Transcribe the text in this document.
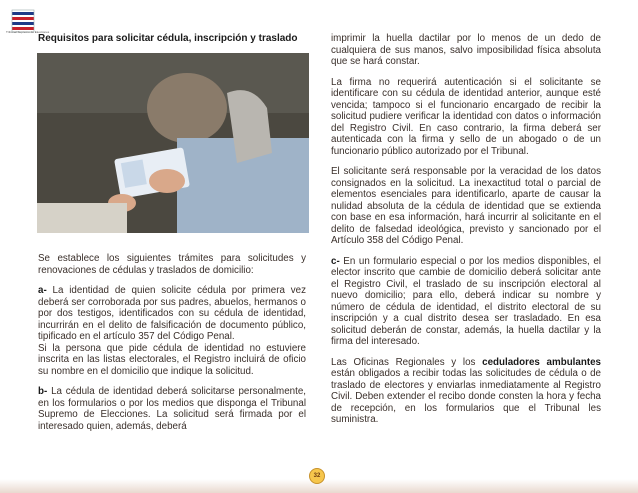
Tribunal Supremo de Elecciones
Requisitos para solicitar cédula, inscripción y traslado

Se establece los siguientes trámites para solicitudes y renovaciones de cédulas y traslados de domicilio:

a- La identidad de quien solicite cédula por primera vez deberá ser corroborada por sus padres, abuelos, hermanos o por dos testigos, identificados con su cédula de identidad, incurrirán en el delito de falsificación de documento público, tipificado en el artículo 357 del Código Penal.

Si la persona que pide cédula de identidad no estuviere inscrita en las listas electorales, el Registro incluirá de oficio su nombre en el domicilio que indique la solicitud.

b- La cédula de identidad deberá solicitarse personalmente, en los formularios o por los medios que disponga el Tribunal Supremo de Elecciones. La solicitud será firmada por el interesado quien, además, deberá

imprimir la huella dactilar por lo menos de un dedo de cualquiera de sus manos, salvo imposibilidad física absoluta que se hará constar.

La firma no requerirá autenticación si el solicitante se identificare con su cédula de identidad anterior, aunque esté vencida; tampoco si el funcionario encargado de recibir la solicitud pudiere verificar la identidad con datos o información del Registro Civil. En caso contrario, la firma deberá ser autenticada con la firma y sello de un abogado o de un funcionario público autorizado por el Tribunal.

El solicitante será responsable por la veracidad de los datos consignados en la solicitud. La inexactitud total o parcial de elementos esenciales para identificarlo, aparte de causar la nulidad absoluta de la cédula de identidad que se extienda con base en esa información, hará incurrir al solicitante en el delito de falsedad ideológica, previsto y sancionado por el Artículo 358 del Código Penal.

c- En un formulario especial o por los medios disponibles, el elector inscrito que cambie de domicilio deberá solicitar ante el Registro Civil, el traslado de su inscripción electoral al nuevo domicilio; para ello, deberá indicar su nombre y número de cédula de identidad, el distrito electoral de su inscripción y a cual distrito desea ser trasladado. En esa solicitud deberán de constar, además, la huella dactilar y la firma del interesado.

Las Oficinas Regionales y los ceduladores ambulantes están obligados a recibir todas las solicitudes de cédula o de traslado de electores y enviarlas inmediatamente al Registro Civil. Deben extender el recibo donde consten la hora y fecha de recepción, en los formularios que el Tribunal les suministra.

32
